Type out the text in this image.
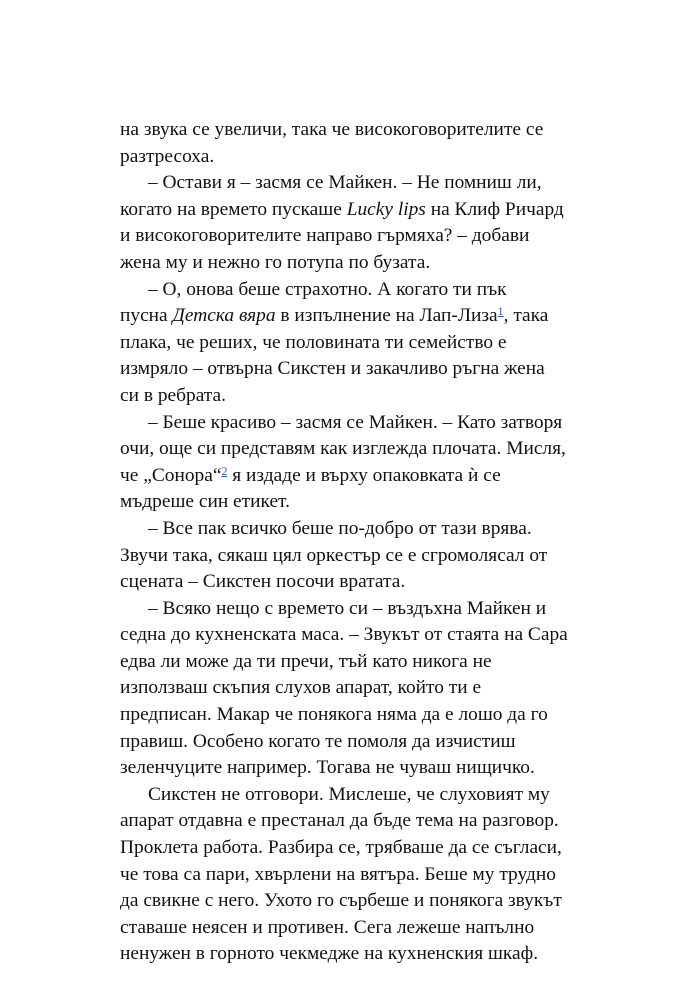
на звука се увеличи, така че високоговорителите се
разтресоха.
– Остави я – засмя се Майкен. – Не помниш ли,
когато на времето пускаше Lucky lips на Клиф Ричард
и високоговорителите направо гърмяха? – добави
жена му и нежно го потупа по бузата.
– О, онова беше страхотно. А когато ти пък
пусна Детска вяра в изпълнение на Лап-Лиза$^1$, така
плака, че реших, че половината ти семейство е
измряло – отвърна Сикстен и закачливо ръгна жена
си в ребрата.
– Беше красиво – засмя се Майкен. – Като затворя
очи, още си представям как изглежда плочата. Мисля,
че „Сонора“$^2$ я издаде и върху опаковката ѝ се
мъдреше син етикет.
– Все пак всичко беше по-добро от тази врява.
Звучи така, сякаш цял оркестър се е сгромолясал от
сцената – Сикстен посочи вратата.
– Всяко нещо с времето си – въздъхна Майкен и
седна до кухненската маса. – Звукът от стаята на Сара
едва ли може да ти пречи, тъй като никога не
използваш скъпия слухов апарат, който ти е
предписан. Макар че понякога няма да е лошо да го
правиш. Особено когато те помоля да изчистиш
зеленчуците например. Тогава не чуваш нищичко.
Сикстен не отговори. Мислеше, че слуховият му
апарат отдавна е престанал да бъде тема на разговор.
Проклета работа. Разбира се, трябваше да се съгласи,
че това са пари, хвърлени на вятъра. Беше му трудно
да свикне с него. Ухото го сърбеше и понякога звукът
ставаше неясен и противен. Сега лежеше напълно
ненужен в горното чекмедже на кухненския шкаф.
